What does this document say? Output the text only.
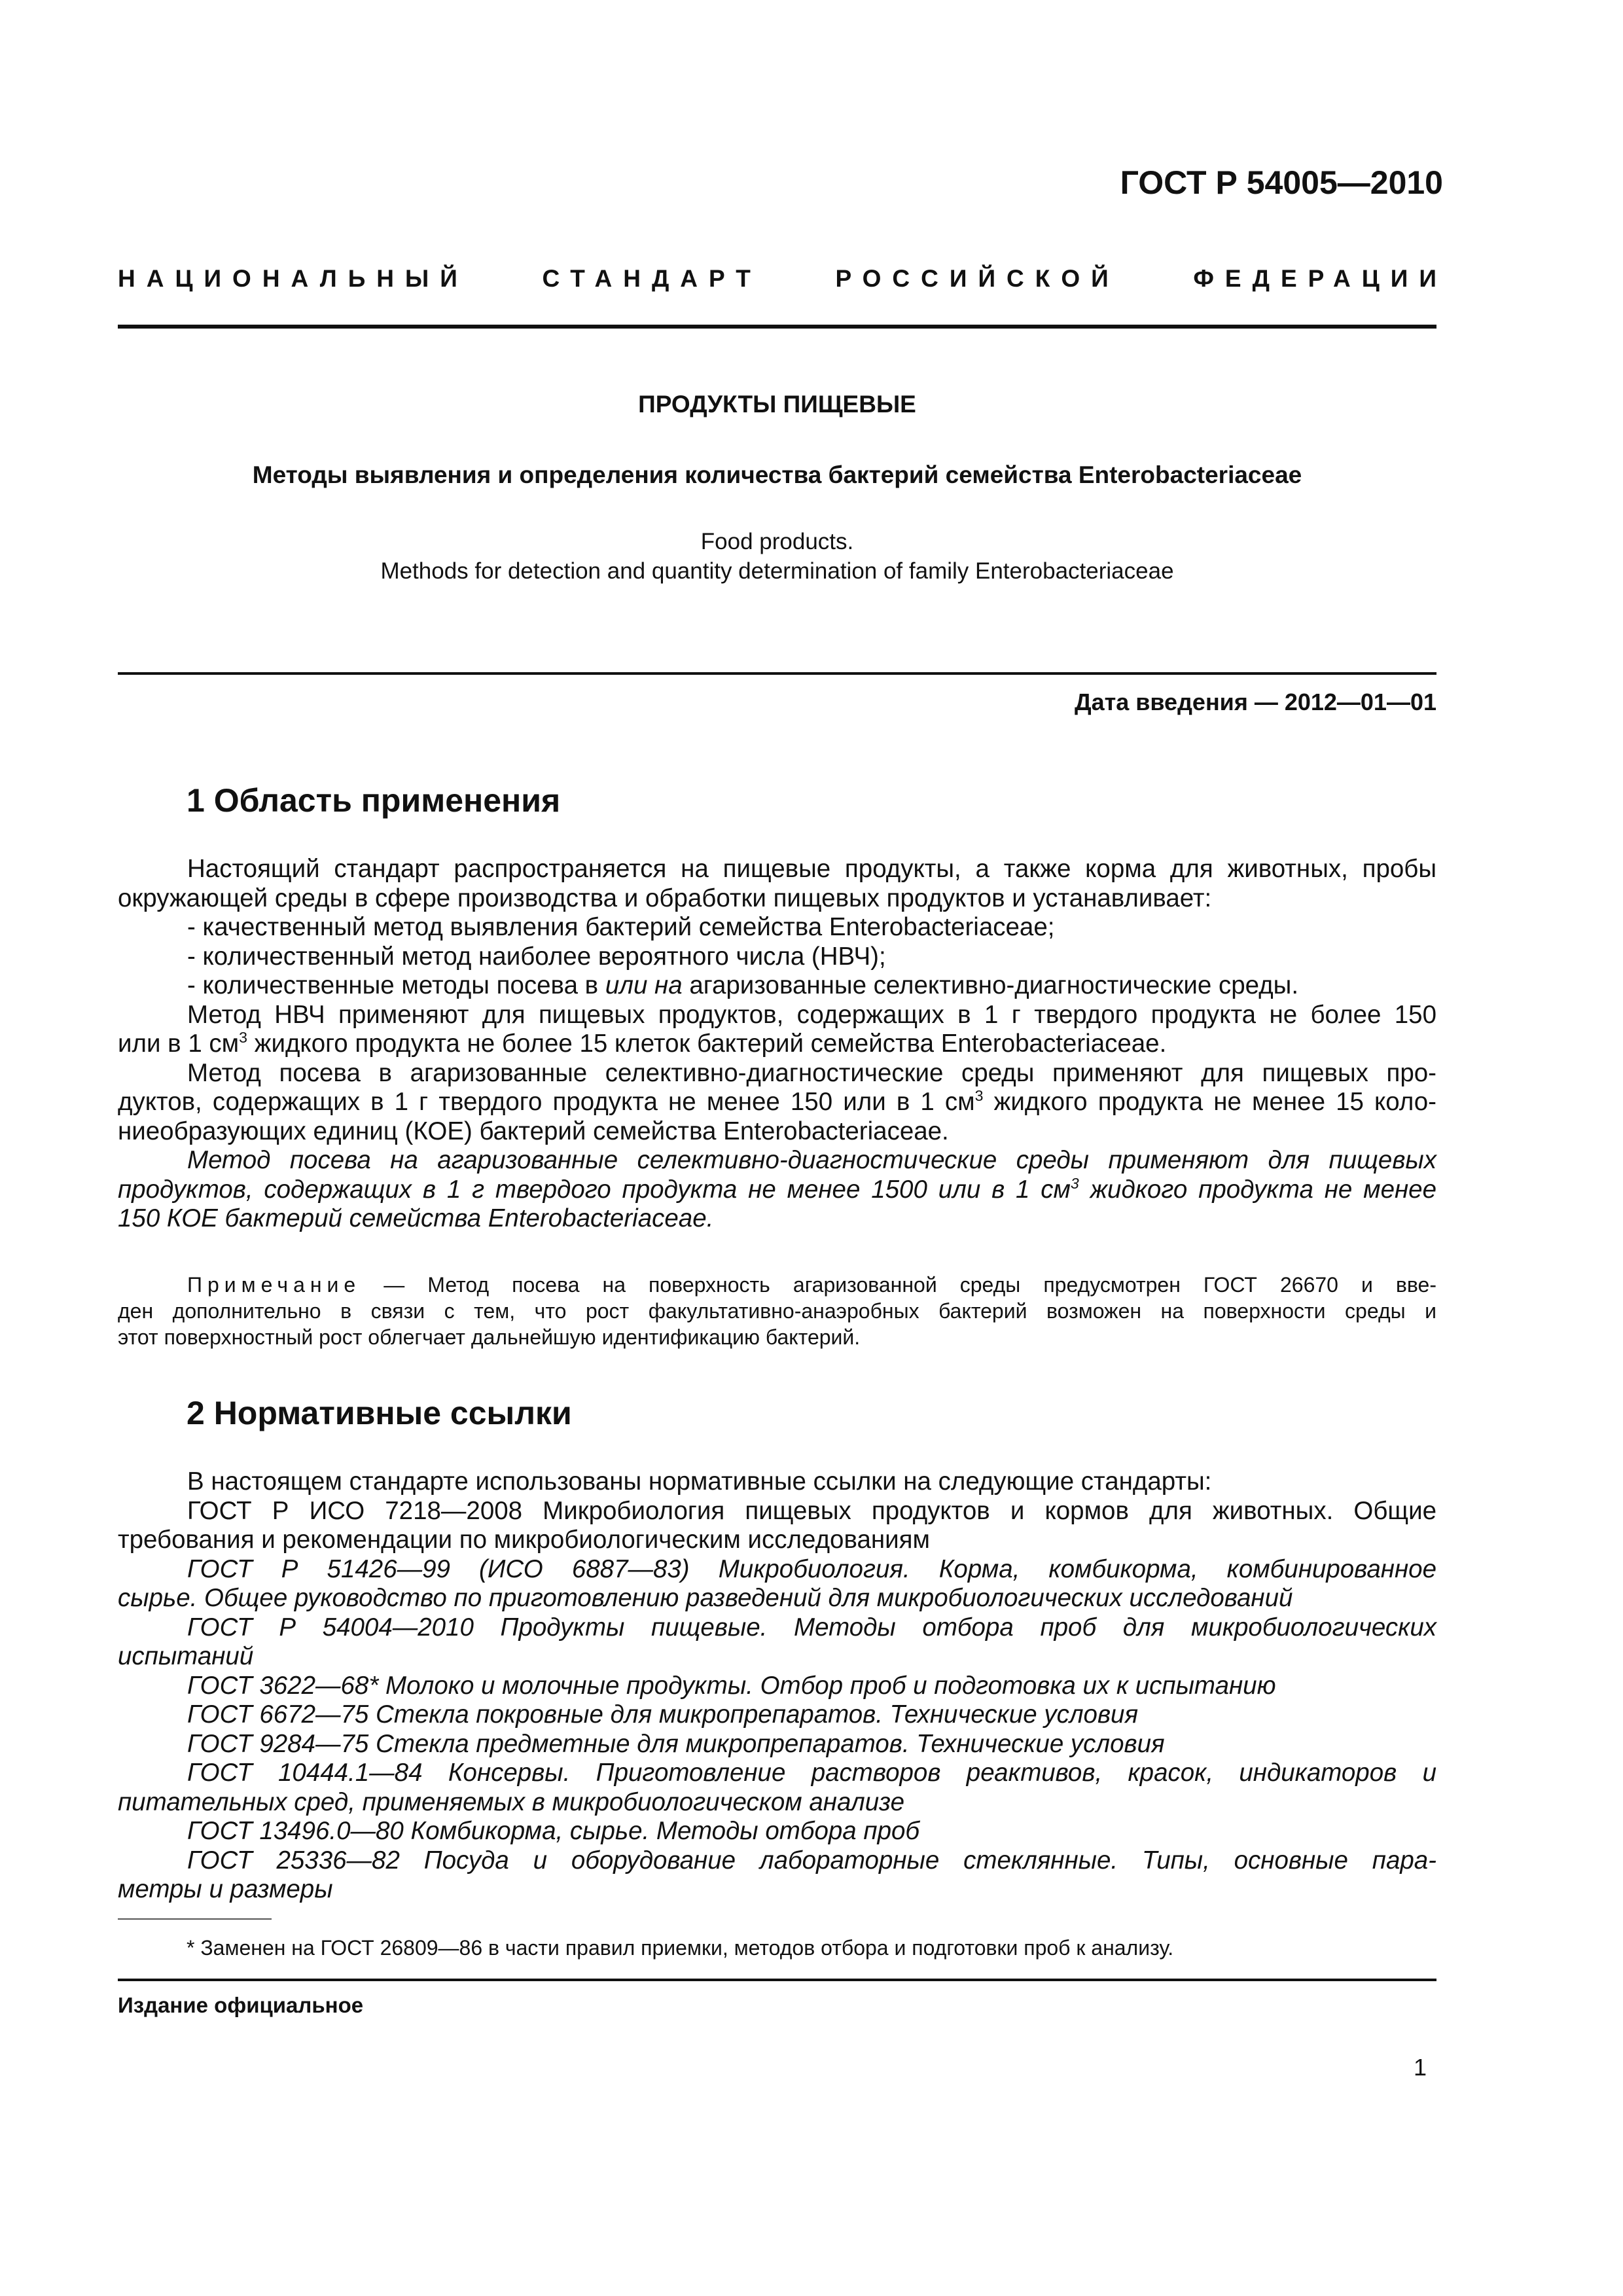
ГОСТ Р 54005—2010
НАЦИОНАЛЬНЫЙ	СТАНДАРТ	РОССИЙСКОЙ	ФЕДЕРАЦИИ
ПРОДУКТЫ ПИЩЕВЫЕ
Методы выявления и определения количества бактерий семейства Enterobacteriaceae
Food products.
Methods for detection and quantity determination of family Enterobacteriaceae
Дата введения — 2012—01—01
1 Область применения
Настоящий стандарт распространяется на пищевые продукты, а также корма для животных, пробы
окружающей среды в сфере производства и обработки пищевых продуктов и устанавливает:
- качественный метод выявления бактерий семейства Enterobacteriaceae;
- количественный метод наиболее вероятного числа (НВЧ);
- количественные методы посева в или на агаризованные селективно-диагностические среды.
Метод НВЧ применяют для пищевых продуктов, содержащих в 1 г твердого продукта не более 150
или в 1 $см^3$ жидкого продукта не более 15 клеток бактерий семейства Enterobacteriaceae.
Метод посева в агаризованные селективно-диагностические среды применяют для пищевых про-
дуктов, содержащих в 1 г твердого продукта не менее 150 или в 1 $см^3$ жидкого продукта не менее 15 коло-
ниеобразующих единиц (КОЕ) бактерий семейства Enterobacteriaceae.
Метод посева на агаризованные селективно-диагностические среды применяют для пищевых
продуктов, содержащих в 1 г твердого продукта не менее 1500 или в 1 $см^3$ жидкого продукта не менее
150 КОЕ бактерий семейства Enterobacteriaceae.
Примечание — Метод посева на поверхность агаризованной среды предусмотрен ГОСТ 26670 и вве-
ден дополнительно в связи с тем, что рост факультативно-анаэробных бактерий возможен на поверхности среды и
этот поверхностный рост облегчает дальнейшую идентификацию бактерий.
2 Нормативные ссылки
В настоящем стандарте использованы нормативные ссылки на следующие стандарты:
ГОСТ Р ИСО 7218—2008 Микробиология пищевых продуктов и кормов для животных. Общие
требования и рекомендации по микробиологическим исследованиям
ГОСТ Р 51426—99 (ИСО 6887—83) Микробиология. Корма, комбикорма, комбинированное
сырье. Общее руководство по приготовлению разведений для микробиологических исследований
ГОСТ Р 54004—2010 Продукты пищевые. Методы отбора проб для микробиологических
испытаний
ГОСТ 3622—68* Молоко и молочные продукты. Отбор проб и подготовка их к испытанию
ГОСТ 6672—75 Стекла покровные для микропрепаратов. Технические условия
ГОСТ 9284—75 Стекла предметные для микропрепаратов. Технические условия
ГОСТ 10444.1—84 Консервы. Приготовление растворов реактивов, красок, индикаторов и
питательных сред, применяемых в микробиологическом анализе
ГОСТ 13496.0—80 Комбикорма, сырье. Методы отбора проб
ГОСТ 25336—82 Посуда и оборудование лабораторные стеклянные. Типы, основные пара-
метры и размеры
* Заменен на ГОСТ 26809—86 в части правил приемки, методов отбора и подготовки проб к анализу.
Издание официальное
1
